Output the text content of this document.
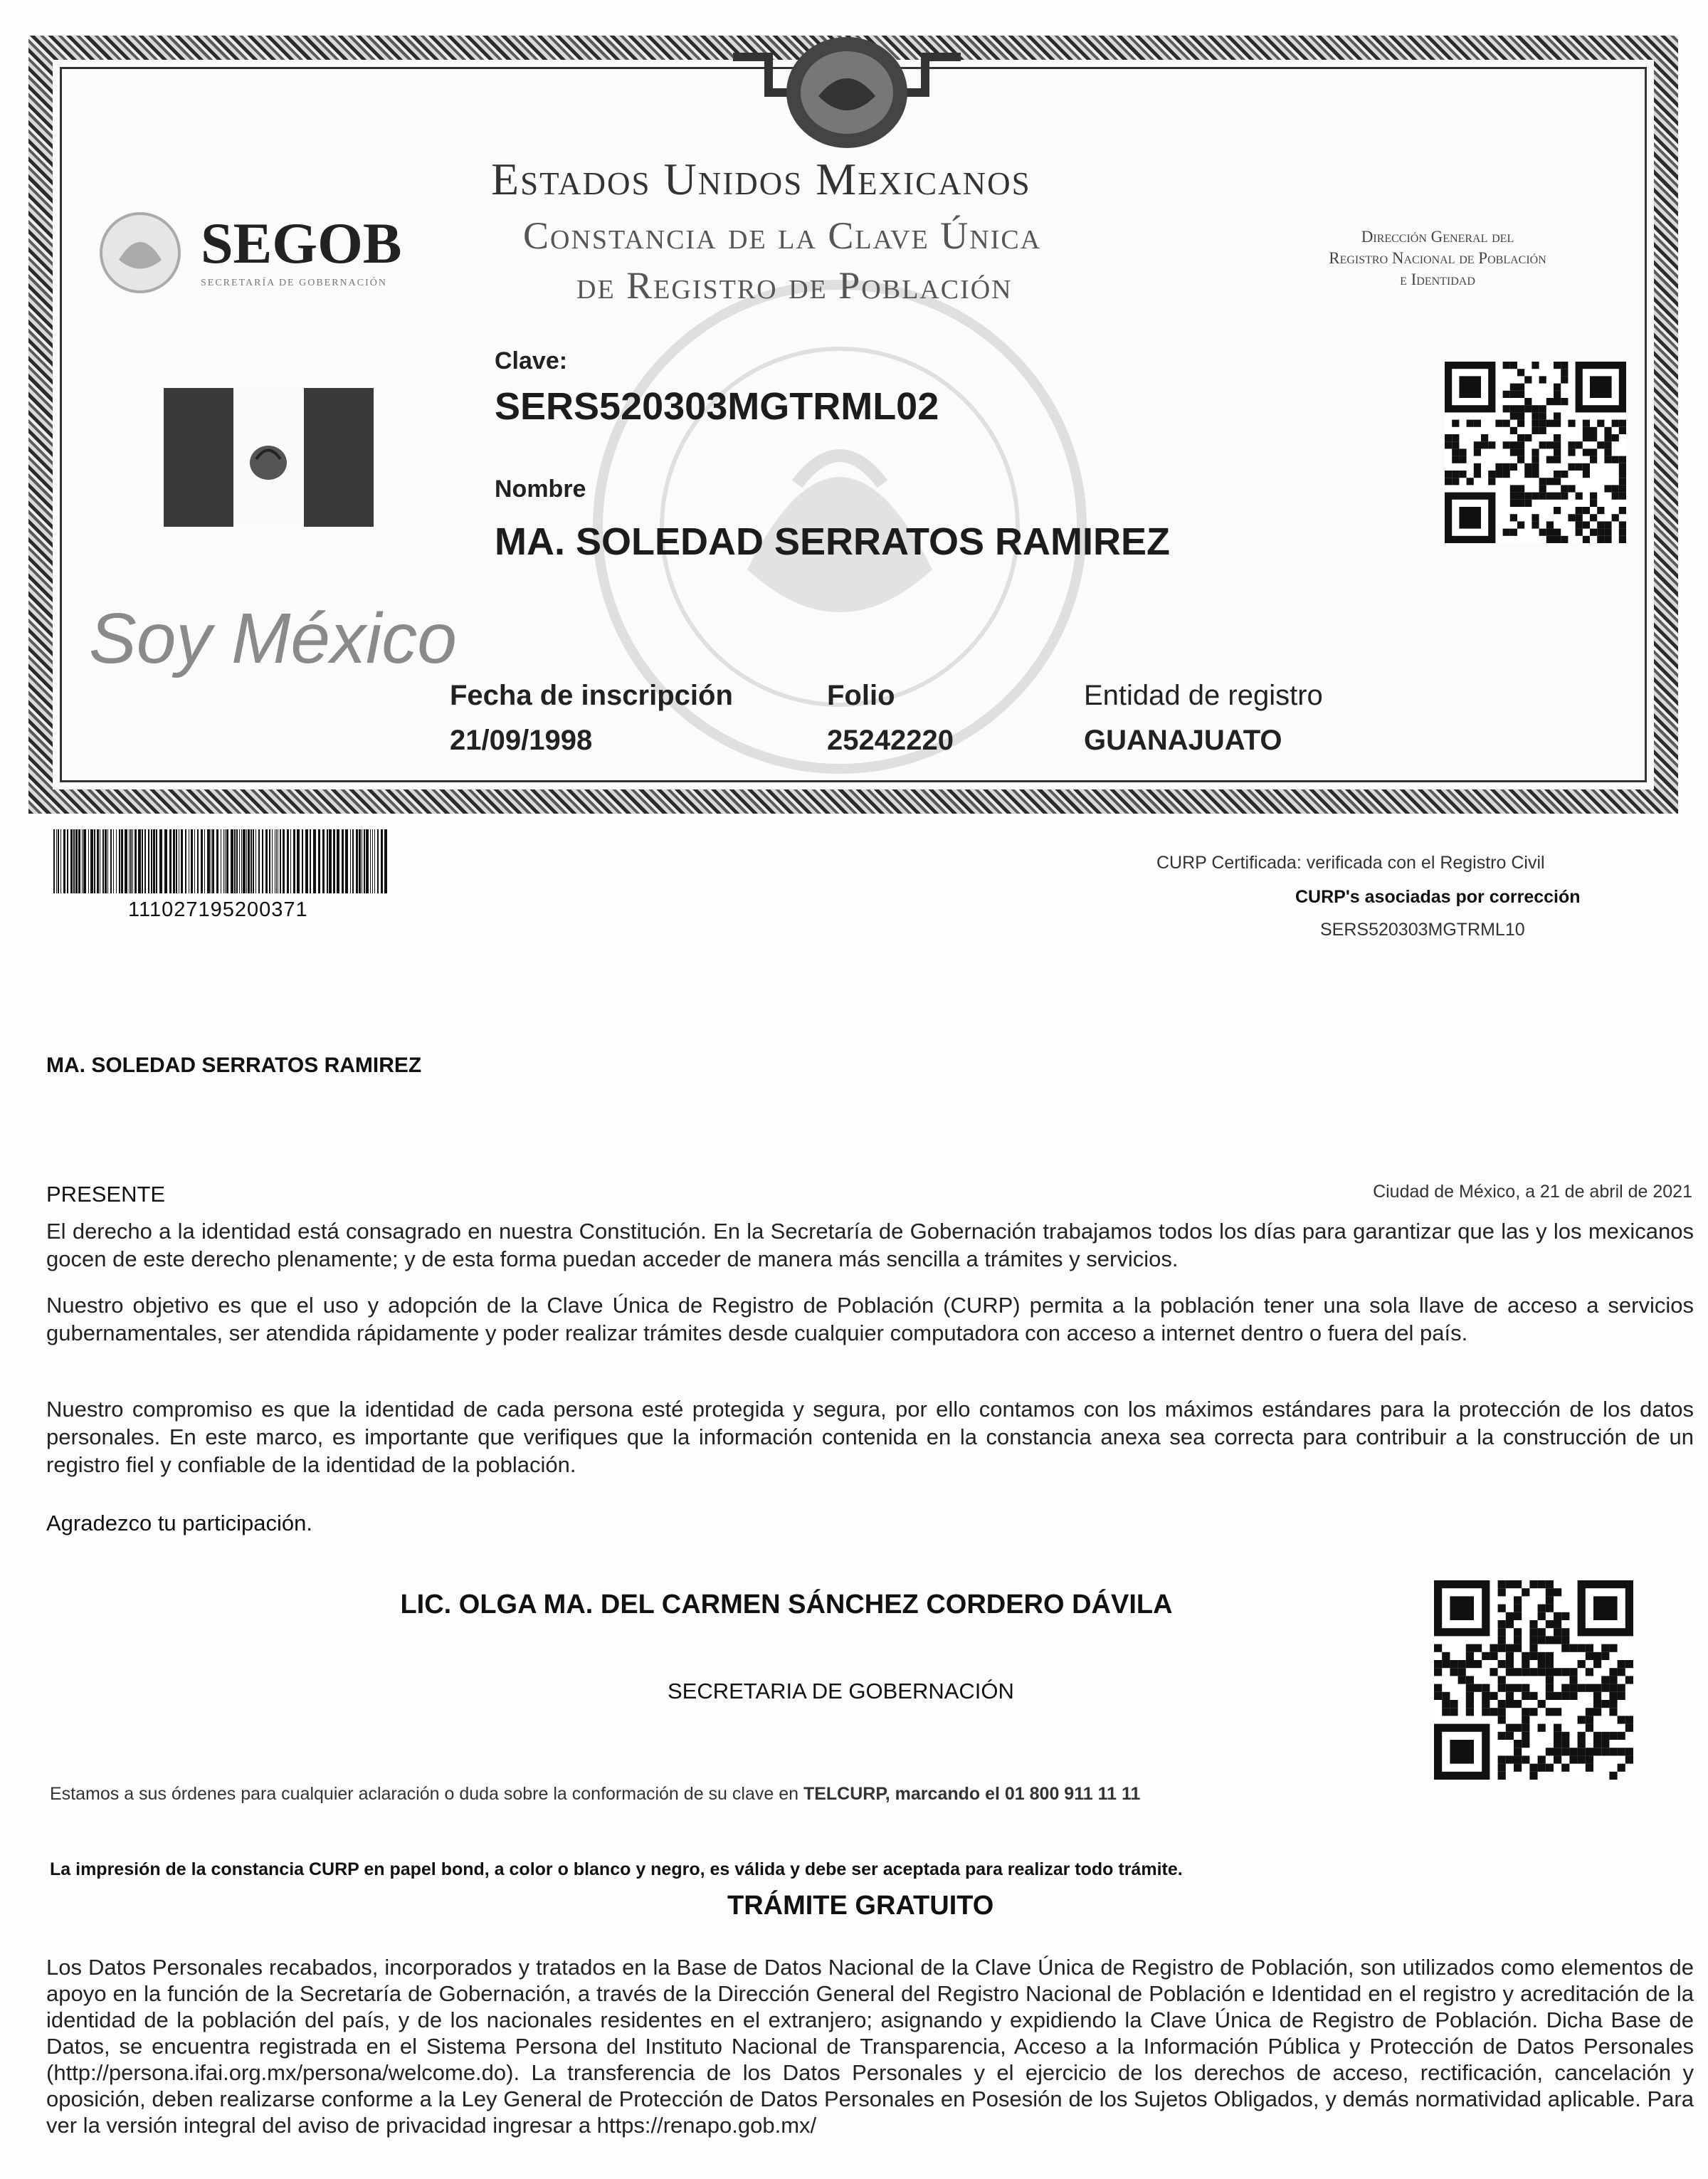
Estados Unidos Mexicanos
Constancia de la Clave Única
de Registro de Población
Dirección General del
Registro Nacional de Población
e Identidad
SEGOB
SECRETARÍA DE GOBERNACIÓN
Soy México
Clave:
SERS520303MGTRML02
Nombre
MA. SOLEDAD SERRATOS RAMIREZ
Fecha de inscripción
21/09/1998
Folio
25242220
Entidad de registro
GUANAJUATO
111027195200371
CURP Certificada: verificada con el Registro Civil
CURP's asociadas por corrección
SERS520303MGTRML10
MA. SOLEDAD SERRATOS RAMIREZ
PRESENTE	Ciudad de México, a 21 de abril de 2021
El derecho a la identidad está consagrado en nuestra Constitución. En la Secretaría de Gobernación trabajamos todos los días para garantizar que las y los mexicanos gocen de este derecho plenamente; y de esta forma puedan acceder de manera más sencilla a trámites y servicios.
Nuestro objetivo es que el uso y adopción de la Clave Única de Registro de Población (CURP) permita a la población tener una sola llave de acceso a servicios gubernamentales, ser atendida rápidamente y poder realizar trámites desde cualquier computadora con acceso a internet dentro o fuera del país.
Nuestro compromiso es que la identidad de cada persona esté protegida y segura, por ello contamos con los máximos estándares para la protección de los datos personales. En este marco, es importante que verifiques que la información contenida en la constancia anexa sea correcta para contribuir a la construcción de un registro fiel y confiable de la identidad de la población.
Agradezco tu participación.
LIC. OLGA MA. DEL CARMEN SÁNCHEZ CORDERO DÁVILA
SECRETARIA DE GOBERNACIÓN
Estamos a sus órdenes para cualquier aclaración o duda sobre la conformación de su clave en TELCURP, marcando el 01 800 911 11 11
La impresión de la constancia CURP en papel bond, a color o blanco y negro, es válida y debe ser aceptada para realizar todo trámite.
TRÁMITE GRATUITO
Los Datos Personales recabados, incorporados y tratados en la Base de Datos Nacional de la Clave Única de Registro de Población, son utilizados como elementos de apoyo en la función de la Secretaría de Gobernación, a través de la Dirección General del Registro Nacional de Población e Identidad en el registro y acreditación de la identidad de la población del país, y de los nacionales residentes en el extranjero; asignando y expidiendo la Clave Única de Registro de Población. Dicha Base de Datos, se encuentra registrada en el Sistema Persona del Instituto Nacional de Transparencia, Acceso a la Información Pública y Protección de Datos Personales (http://persona.ifai.org.mx/persona/welcome.do). La transferencia de los Datos Personales y el ejercicio de los derechos de acceso, rectificación, cancelación y oposición, deben realizarse conforme a la Ley General de Protección de Datos Personales en Posesión de los Sujetos Obligados, y demás normatividad aplicable. Para ver la versión integral del aviso de privacidad ingresar a https://renapo.gob.mx/
